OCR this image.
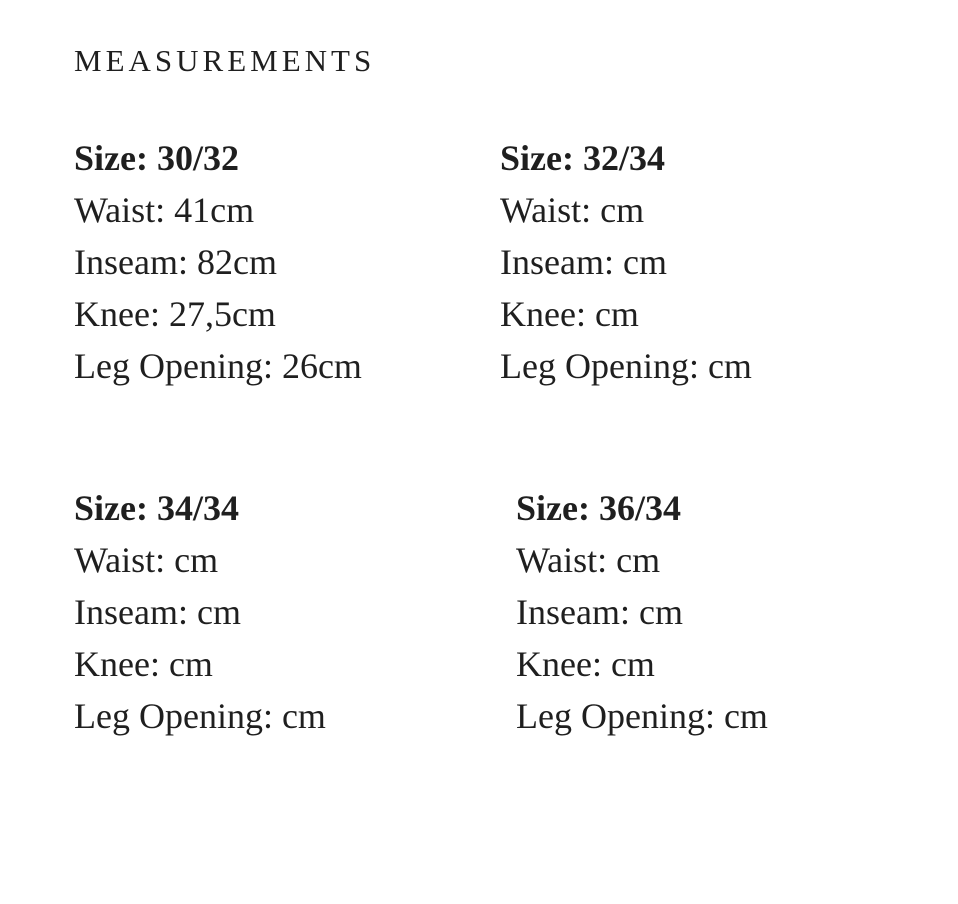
MEASUREMENTS
Size: 30/32
Waist: 41cm
Inseam: 82cm
Knee: 27,5cm
Leg Opening: 26cm
Size: 32/34
Waist: cm
Inseam: cm
Knee: cm
Leg Opening: cm
Size: 34/34
Waist: cm
Inseam: cm
Knee: cm
Leg Opening: cm
Size: 36/34
Waist: cm
Inseam: cm
Knee: cm
Leg Opening: cm
